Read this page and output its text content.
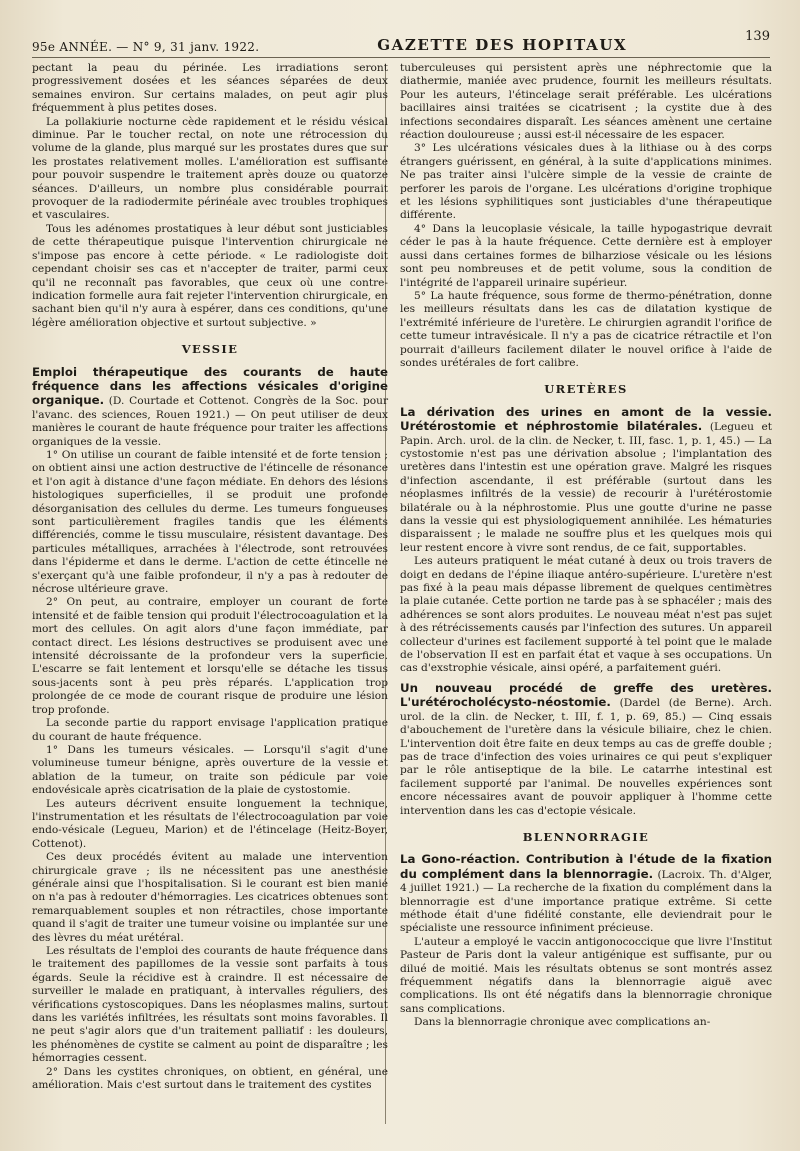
95e ANNÉE. — N° 9, 31 janv. 1922.	GAZETTE DES HOPITAUX	139

pectant la peau du périnée. Les irradiations seront progressivement dosées et les séances séparées de deux semaines environ. Sur certains malades, on peut agir plus fréquemment à plus petites doses.

La pollakiurie nocturne cède rapidement et le résidu vésical diminue. Par le toucher rectal, on note une rétrocession du volume de la glande, plus marqué sur les prostates dures que sur les prostates relativement molles. L'amélioration est suffisante pour pouvoir suspendre le traitement après douze ou quatorze séances. D'ailleurs, un nombre plus considérable pourrait provoquer de la radiodermite périnéale avec troubles trophiques et vasculaires.

Tous les adénomes prostatiques à leur début sont justiciables de cette thérapeutique puisque l'intervention chirurgicale ne s'impose pas encore à cette période. « Le radiologiste doit cependant choisir ses cas et n'accepter de traiter, parmi ceux qu'il ne reconnaît pas favorables, que ceux où une contre-indication formelle aura fait rejeter l'intervention chirurgicale, en sachant bien qu'il n'y aura à espérer, dans ces conditions, qu'une légère amélioration objective et surtout subjective. »

VESSIE

Emploi thérapeutique des courants de haute fréquence dans les affections vésicales d'origine organique. (D. Courtade et Cottenot. Congrès de la Soc. pour l'avanc. des sciences, Rouen 1921.) — On peut utiliser de deux manières le courant de haute fréquence pour traiter les affections organiques de la vessie.

1° On utilise un courant de faible intensité et de forte tension ; on obtient ainsi une action destructive de l'étincelle de résonance et l'on agit à distance d'une façon médiate. En dehors des lésions histologiques superficielles, il se produit une profonde désorganisation des cellules du derme. Les tumeurs fongueuses sont particulièrement fragiles tandis que les éléments différenciés, comme le tissu musculaire, résistent davantage. Des particules métalliques, arrachées à l'électrode, sont retrouvées dans l'épiderme et dans le derme. L'action de cette étincelle ne s'exerçant qu'à une faible profondeur, il n'y a pas à redouter de nécrose ultérieure grave.

2° On peut, au contraire, employer un courant de forte intensité et de faible tension qui produit l'électrocoagulation et la mort des cellules. On agit alors d'une façon immédiate, par contact direct. Les lésions destructives se produisent avec une intensité décroissante de la profondeur vers la superficie. L'escarre se fait lentement et lorsqu'elle se détache les tissus sous-jacents sont à peu près réparés. L'application trop prolongée de ce mode de courant risque de produire une lésion trop profonde.

La seconde partie du rapport envisage l'application pratique du courant de haute fréquence.

1° Dans les tumeurs vésicales. — Lorsqu'il s'agit d'une volumineuse tumeur bénigne, après ouverture de la vessie et ablation de la tumeur, on traite son pédicule par voie endovésicale après cicatrisation de la plaie de cystostomie.

Les auteurs décrivent ensuite longuement la technique, l'instrumentation et les résultats de l'électrocoagulation par voie endo-vésicale (Legueu, Marion) et de l'étincelage (Heitz-Boyer, Cottenot).

Ces deux procédés évitent au malade une intervention chirurgicale grave ; ils ne nécessitent pas une anesthésie générale ainsi que l'hospitalisation. Si le courant est bien manié on n'a pas à redouter d'hémorragies. Les cicatrices obtenues sont remarquablement souples et non rétractiles, chose importante quand il s'agit de traiter une tumeur voisine ou implantée sur une des lèvres du méat urétéral.

Les résultats de l'emploi des courants de haute fréquence dans le traitement des papillomes de la vessie sont parfaits à tous égards. Seule la récidive est à craindre. Il est nécessaire de surveiller le malade en pratiquant, à intervalles réguliers, des vérifications cystoscopiques. Dans les néoplasmes malins, surtout dans les variétés infiltrées, les résultats sont moins favorables. Il ne peut s'agir alors que d'un traitement palliatif : les douleurs, les phénomènes de cystite se calment au point de disparaître ; les hémorragies cessent.

2° Dans les cystites chroniques, on obtient, en général, une amélioration. Mais c'est surtout dans le traitement des cystites

tuberculeuses qui persistent après une néphrectomie que la diathermie, maniée avec prudence, fournit les meilleurs résultats. Pour les auteurs, l'étincelage serait préférable. Les ulcérations bacillaires ainsi traitées se cicatrisent ; la cystite due à des infections secondaires disparaît. Les séances amènent une certaine réaction douloureuse ; aussi est-il nécessaire de les espacer.

3° Les ulcérations vésicales dues à la lithiase ou à des corps étrangers guérissent, en général, à la suite d'applications minimes. Ne pas traiter ainsi l'ulcère simple de la vessie de crainte de perforer les parois de l'organe. Les ulcérations d'origine trophique et les lésions syphilitiques sont justiciables d'une thérapeutique différente.

4° Dans la leucoplasie vésicale, la taille hypogastrique devrait céder le pas à la haute fréquence. Cette dernière est à employer aussi dans certaines formes de bilharziose vésicale ou les lésions sont peu nombreuses et de petit volume, sous la condition de l'intégrité de l'appareil urinaire supérieur.

5° La haute fréquence, sous forme de thermo-pénétration, donne les meilleurs résultats dans les cas de dilatation kystique de l'extrémité inférieure de l'uretère. Le chirurgien agrandit l'orifice de cette tumeur intravésicale. Il n'y a pas de cicatrice rétractile et l'on pourrait d'ailleurs facilement dilater le nouvel orifice à l'aide de sondes urétérales de fort calibre.

URETÈRES

La dérivation des urines en amont de la vessie. Urétérostomie et néphrostomie bilatérales. (Legueu et Papin. Arch. urol. de la clin. de Necker, t. III, fasc. 1, p. 1, 45.) — La cystostomie n'est pas une dérivation absolue ; l'implantation des uretères dans l'intestin est une opération grave. Malgré les risques d'infection ascendante, il est préférable (surtout dans les néoplasmes infiltrés de la vessie) de recourir à l'urétérostomie bilatérale ou à la néphrostomie. Plus une goutte d'urine ne passe dans la vessie qui est physiologiquement annihilée. Les hématuries disparaissent ; le malade ne souffre plus et les quelques mois qui leur restent encore à vivre sont rendus, de ce fait, supportables.

Les auteurs pratiquent le méat cutané à deux ou trois travers de doigt en dedans de l'épine iliaque antéro-supérieure. L'uretère n'est pas fixé à la peau mais dépasse librement de quelques centimètres la plaie cutanée. Cette portion ne tarde pas à se sphacéler ; mais des adhérences se sont alors produites. Le nouveau méat n'est pas sujet à des rétrécissements causés par l'infection des sutures. Un appareil collecteur d'urines est facilement supporté à tel point que le malade de l'observation II est en parfait état et vaque à ses occupations. Un cas d'exstrophie vésicale, ainsi opéré, a parfaitement guéri.

Un nouveau procédé de greffe des uretères. L'urétérocholécysto-néostomie. (Dardel (de Berne). Arch. urol. de la clin. de Necker, t. III, f. 1, p. 69, 85.) — Cinq essais d'abouchement de l'uretère dans la vésicule biliaire, chez le chien. L'intervention doit être faite en deux temps au cas de greffe double ; pas de trace d'infection des voies urinaires ce qui peut s'expliquer par le rôle antiseptique de la bile. Le catarrhe intestinal est facilement supporté par l'animal. De nouvelles expériences sont encore nécessaires avant de pouvoir appliquer à l'homme cette intervention dans les cas d'ectopie vésicale.

BLENNORRAGIE

La Gono-réaction. Contribution à l'étude de la fixation du complément dans la blennorragie. (Lacroix. Th. d'Alger, 4 juillet 1921.) — La recherche de la fixation du complément dans la blennorragie est d'une importance pratique extrême. Si cette méthode était d'une fidélité constante, elle deviendrait pour le spécialiste une ressource infiniment précieuse.

L'auteur a employé le vaccin antigonococcique que livre l'Institut Pasteur de Paris dont la valeur antigénique est suffisante, pur ou dilué de moitié. Mais les résultats obtenus se sont montrés assez fréquemment négatifs dans la blennorragie aiguë avec complications. Ils ont été négatifs dans la blennorragie chronique sans complications.

Dans la blennorragie chronique avec complications an-
